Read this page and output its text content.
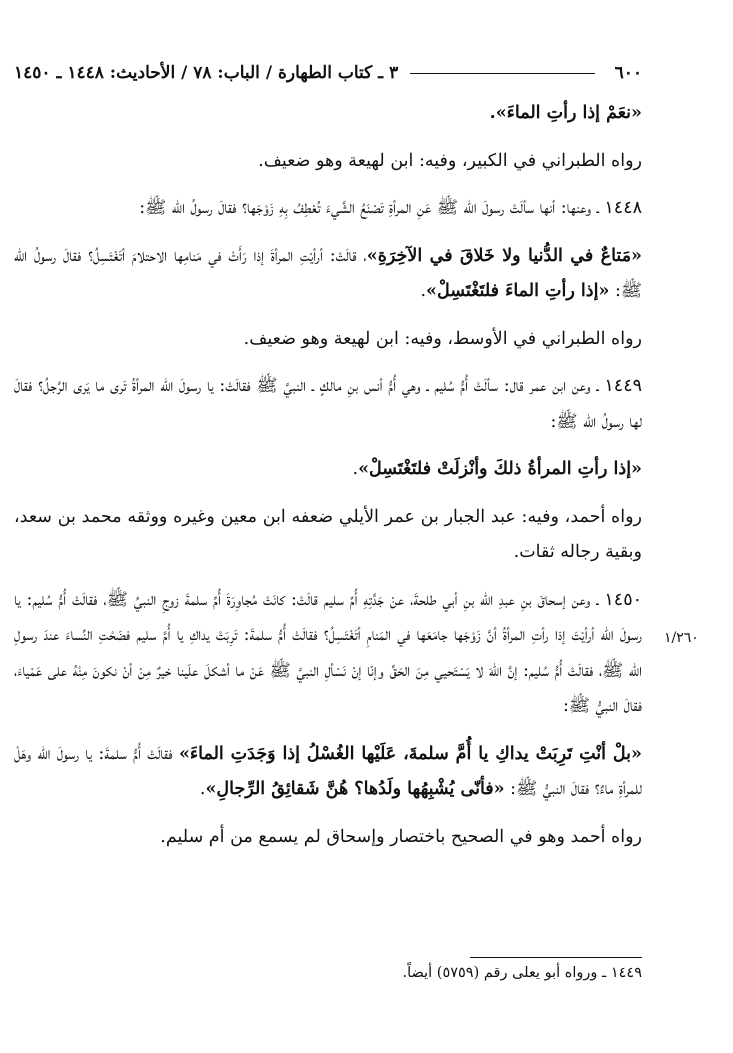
٦٠٠
٣ ـ كتاب الطهارة / الباب: ٧٨ / الأحاديث: ١٤٤٨ ـ ١٤٥٠

«نعَمْ إذا رأتِ الماءَ».

رواه الطبراني في الكبير، وفيه: ابن لهيعة وهو ضعيف.

١٤٤٨ ـ وعنها: أنها سألَتْ رسولَ الله ﷺ عَنِ المرأةِ تَصْنَعُ الشَّيءَ تُعْطِفُ بِهِ زَوْجَها؟ فقالَ رسولُ الله ﷺ:

«مَتاعٌ في الدُّنيا ولا خَلاقَ في الآخِرَةِ»، قالَتْ: أرأيْتِ المرأةَ إذا رَأَتْ في مَنامِها الاحتلامَ أتَغْتَسِلُ؟ فقالَ رسولُ الله ﷺ: «إذا رأتِ الماءَ فلتَغْتَسِلْ».

رواه الطبراني في الأوسط، وفيه: ابن لهيعة وهو ضعيف.

١٤٤٩ ـ وعن ابن عمر قال: سألَتْ أُمُّ سُليم ـ وهي أُمُّ أنس بنِ مالكٍ ـ النبيَّ ﷺ فقالَتْ: يا رسولَ الله المرأةُ تَرى ما يَرى الرَّجلُ؟ فقالَ لها رسولُ الله ﷺ:

«إذا رأتِ المرأةُ ذلكَ وأنْزلَتْ فلتَغْتَسِلْ».

رواه أحمد، وفيه: عبد الجبار بن عمر الأيلي ضعفه ابن معين وغيره ووثقه محمد بن سعد، وبقية رجاله ثقات.

١٤٥٠ ـ وعن إسحاقَ بنِ عبدِ الله بنِ أبي طلحةَ، عنْ جَدَّتِهِ أُمِّ سليم قالَتْ: كانَتْ مُجاوِرَةَ أُمِّ سلمةَ زوجِ النبيِّ ﷺ، فقالَتْ أُمُّ سُليم: يا رسولَ الله أرأيْتَ إذا رأتِ المرأةُ أنَّ زَوْجَها جامَعَها في المَنامِ أتَغْتَسِلُ؟ فقالَتْ أُمُّ سلمةَ: تَرِبَتْ يداكِ يا أُمَّ سليم فضَحْتِ النِّساءَ عندَ رسولِ الله ﷺ، فقالَتْ أُمُّ سُليم: إنَّ اللهَ لا يَسْتَحيي مِنَ الحَقِّ وإنّا إنْ نَسْألِ النبيَّ ﷺ عَنْ ما أشكلَ علَينا خيرٌ مِنْ أنْ نكونَ مِنْهُ على عَمْياءَ، فقالَ النبيُّ ﷺ:

«بلْ أنْتِ تَرِبَتْ يداكِ يا أُمَّ سلمةَ، عَلَيْها الغُسْلُ إذا وَجَدَتِ الماءَ» فقالَتْ أُمُّ سلمةَ: يا رسولَ الله وهَلْ للمرأةِ ماءٌ؟ فقالَ النبيُّ ﷺ: «فأنّى يُشْبِهُها ولَدُها؟ هُنَّ شَقائِقُ الرِّجالِ».

رواه أحمد وهو في الصحيح باختصار وإسحاق لم يسمع من أم سليم.

١/٢٦٠
١٤٤٩ ـ ورواه أبو يعلى رقم (٥٧٥٩) أيضاً.
